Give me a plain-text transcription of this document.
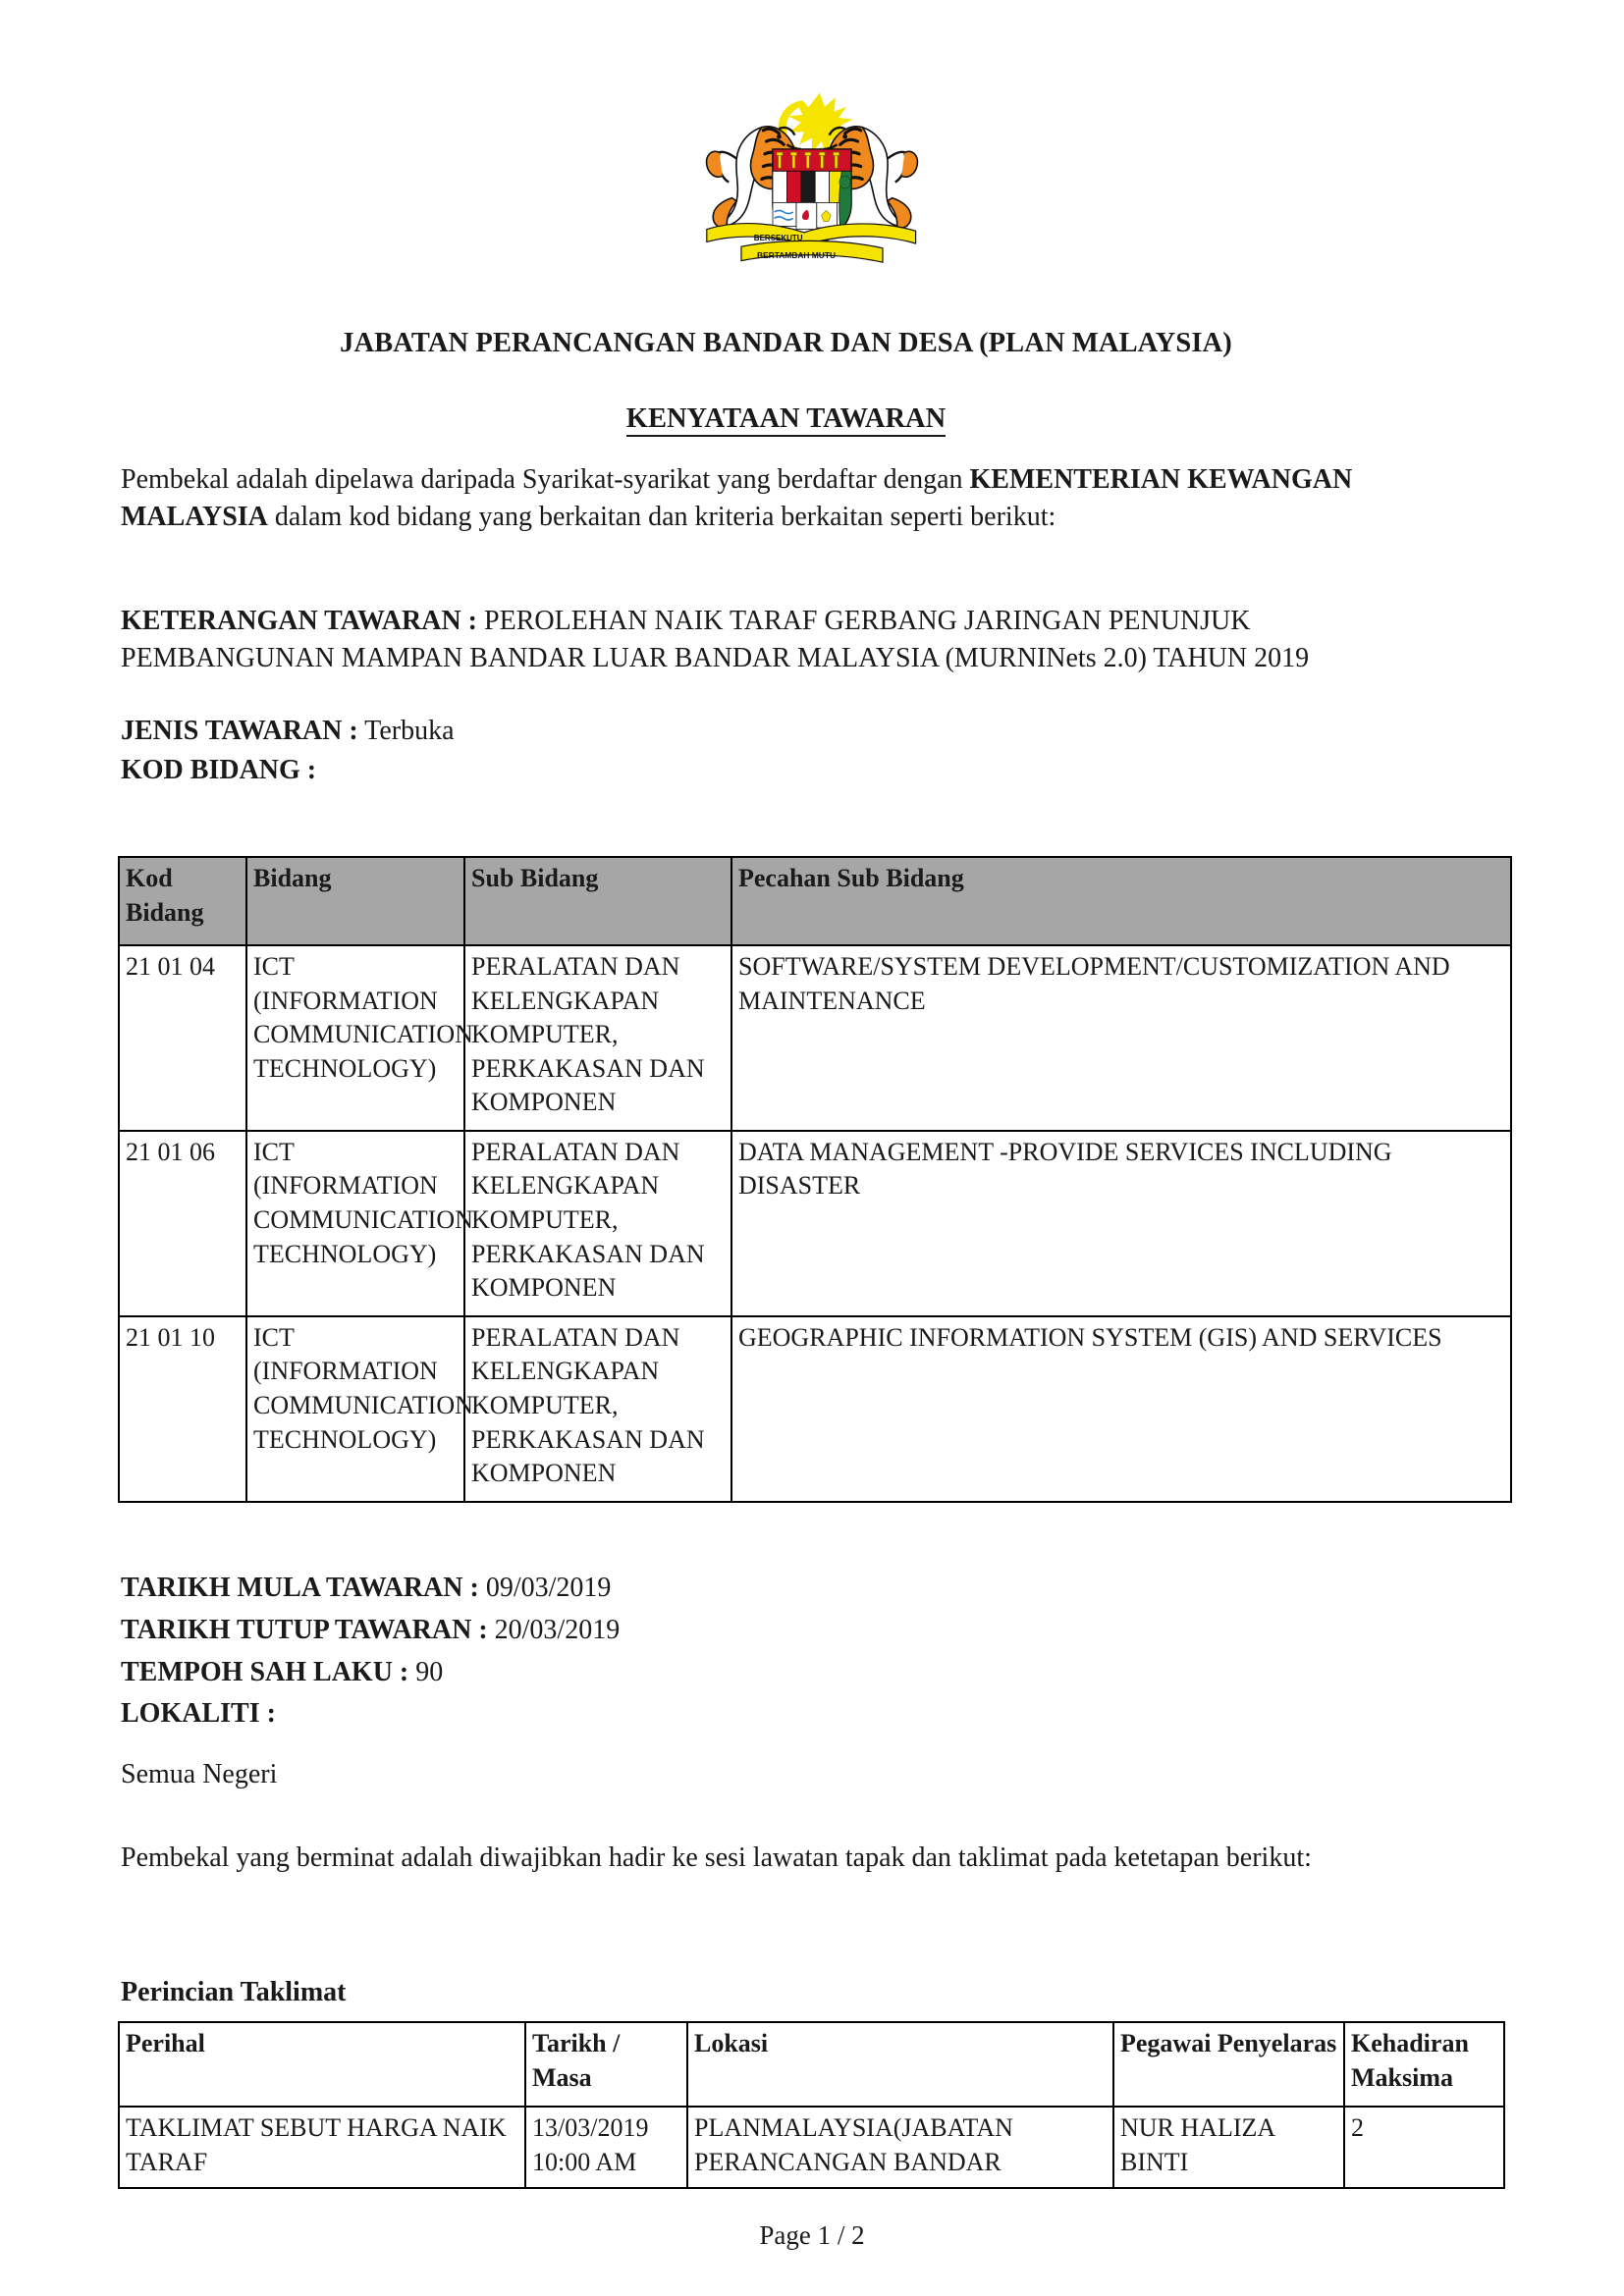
BERSEKUTU
BERTAMBAH MUTU
JABATAN PERANCANGAN BANDAR DAN DESA (PLAN MALAYSIA)
KENYATAAN TAWARAN
Pembekal adalah dipelawa daripada Syarikat-syarikat yang berdaftar dengan KEMENTERIAN KEWANGAN MALAYSIA dalam kod bidang yang berkaitan dan kriteria berkaitan seperti berikut:
KETERANGAN TAWARAN : PEROLEHAN NAIK TARAF GERBANG JARINGAN PENUNJUK PEMBANGUNAN MAMPAN BANDAR LUAR BANDAR MALAYSIA (MURNINets 2.0) TAHUN 2019
JENIS TAWARAN : Terbuka
KOD BIDANG :
Kod Bidang	Bidang	Sub Bidang	Pecahan Sub Bidang
21 01 04	ICT (INFORMATION COMMUNICATION TECHNOLOGY)	PERALATAN DAN KELENGKAPAN KOMPUTER, PERKAKASAN DAN KOMPONEN	SOFTWARE/SYSTEM DEVELOPMENT/CUSTOMIZATION AND MAINTENANCE
21 01 06	ICT (INFORMATION COMMUNICATION TECHNOLOGY)	PERALATAN DAN KELENGKAPAN KOMPUTER, PERKAKASAN DAN KOMPONEN	DATA MANAGEMENT -PROVIDE SERVICES INCLUDING DISASTER
21 01 10	ICT (INFORMATION COMMUNICATION TECHNOLOGY)	PERALATAN DAN KELENGKAPAN KOMPUTER, PERKAKASAN DAN KOMPONEN	GEOGRAPHIC INFORMATION SYSTEM (GIS) AND SERVICES
TARIKH MULA TAWARAN : 09/03/2019
TARIKH TUTUP TAWARAN : 20/03/2019
TEMPOH SAH LAKU : 90
LOKALITI :
Semua Negeri
Pembekal yang berminat adalah diwajibkan hadir ke sesi lawatan tapak dan taklimat pada ketetapan berikut:
Perincian Taklimat
Perihal	Tarikh / Masa	Lokasi	Pegawai Penyelaras	Kehadiran Maksima
TAKLIMAT SEBUT HARGA NAIK TARAF	13/03/2019 10:00 AM	PLANMALAYSIA(JABATAN PERANCANGAN BANDAR	NUR HALIZA BINTI	2
Page 1 / 2
